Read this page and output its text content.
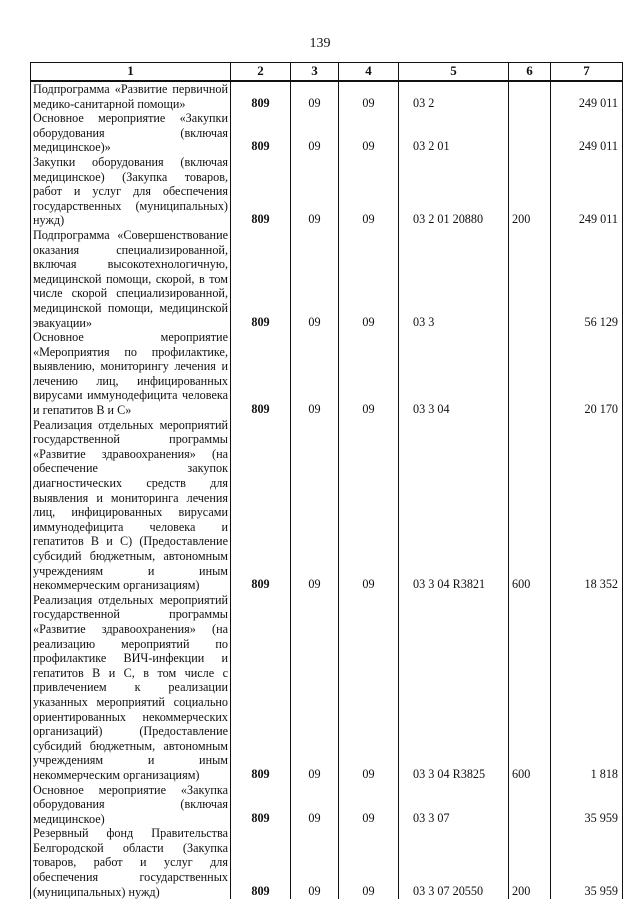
139
1	2	3	4	5	6	7
Подпрограмма «Развитие первичной медико-санитарной помощи»	809	09	09	03 2		249 011
Основное мероприятие «Закупки оборудования (включая медицинское)»	809	09	09	03 2 01		249 011
Закупки оборудования (включая медицинское) (Закупка товаров, работ и услуг для обеспечения государственных (муниципальных) нужд)	809	09	09	03 2 01 20880	200	249 011
Подпрограмма «Совершенствование оказания специализированной, включая высокотехнологичную, медицинской помощи, скорой, в том числе скорой специализированной, медицинской помощи, медицинской эвакуации»	809	09	09	03 3		56 129
Основное мероприятие «Мероприятия по профилактике, выявлению, мониторингу лечения и лечению лиц, инфицированных вирусами иммунодефицита человека и гепатитов В и С»	809	09	09	03 3 04		20 170
Реализация отдельных мероприятий государственной программы «Развитие здравоохранения» (на обеспечение закупок диагностических средств для выявления и мониторинга лечения лиц, инфицированных вирусами иммунодефицита человека и гепатитов В и С) (Предоставление субсидий бюджетным, автономным учреждениям и иным некоммерческим организациям)	809	09	09	03 3 04 R3821	600	18 352
Реализация отдельных мероприятий государственной программы «Развитие здравоохранения» (на реализацию мероприятий по профилактике ВИЧ-инфекции и гепатитов В и С, в том числе с привлечением к реализации указанных мероприятий социально ориентированных некоммерческих организаций) (Предоставление субсидий бюджетным, автономным учреждениям и иным некоммерческим организациям)	809	09	09	03 3 04 R3825	600	1 818
Основное мероприятие «Закупка оборудования (включая медицинское)	809	09	09	03 3 07		35 959
Резервный фонд Правительства Белгородской области (Закупка товаров, работ и услуг для обеспечения государственных (муниципальных) нужд)	809	09	09	03 3 07 20550	200	35 959
